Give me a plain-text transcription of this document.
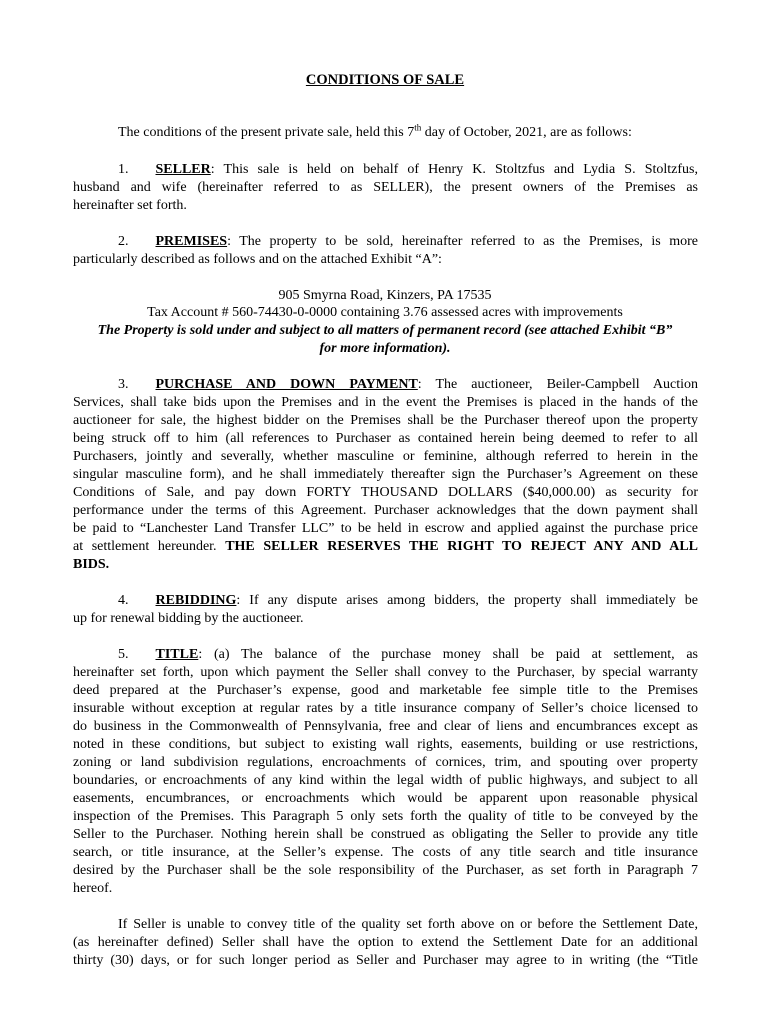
CONDITIONS OF SALE
The conditions of the present private sale, held this 7th day of October, 2021, are as follows:
1. SELLER: This sale is held on behalf of Henry K. Stoltzfus and Lydia S. Stoltzfus,
husband and wife (hereinafter referred to as SELLER), the present owners of the Premises as
hereinafter set forth.
2. PREMISES: The property to be sold, hereinafter referred to as the Premises, is more
particularly described as follows and on the attached Exhibit “A”:
905 Smyrna Road, Kinzers, PA 17535
Tax Account # 560-74430-0-0000 containing 3.76 assessed acres with improvements
The Property is sold under and subject to all matters of permanent record (see attached Exhibit “B”
for more information).
3. PURCHASE AND DOWN PAYMENT: The auctioneer, Beiler-Campbell Auction
Services, shall take bids upon the Premises and in the event the Premises is placed in the hands of the
auctioneer for sale, the highest bidder on the Premises shall be the Purchaser thereof upon the property
being struck off to him (all references to Purchaser as contained herein being deemed to refer to all
Purchasers, jointly and severally, whether masculine or feminine, although referred to herein in the
singular masculine form), and he shall immediately thereafter sign the Purchaser’s Agreement on these
Conditions of Sale, and pay down FORTY THOUSAND DOLLARS ($40,000.00) as security for
performance under the terms of this Agreement. Purchaser acknowledges that the down payment shall
be paid to “Lanchester Land Transfer LLC” to be held in escrow and applied against the purchase price
at settlement hereunder. THE SELLER RESERVES THE RIGHT TO REJECT ANY AND ALL
BIDS.
4. REBIDDING: If any dispute arises among bidders, the property shall immediately be
up for renewal bidding by the auctioneer.
5. TITLE: (a) The balance of the purchase money shall be paid at settlement, as
hereinafter set forth, upon which payment the Seller shall convey to the Purchaser, by special warranty
deed prepared at the Purchaser’s expense, good and marketable fee simple title to the Premises
insurable without exception at regular rates by a title insurance company of Seller’s choice licensed to
do business in the Commonwealth of Pennsylvania, free and clear of liens and encumbrances except as
noted in these conditions, but subject to existing wall rights, easements, building or use restrictions,
zoning or land subdivision regulations, encroachments of cornices, trim, and spouting over property
boundaries, or encroachments of any kind within the legal width of public highways, and subject to all
easements, encumbrances, or encroachments which would be apparent upon reasonable physical
inspection of the Premises. This Paragraph 5 only sets forth the quality of title to be conveyed by the
Seller to the Purchaser. Nothing herein shall be construed as obligating the Seller to provide any title
search, or title insurance, at the Seller’s expense. The costs of any title search and title insurance
desired by the Purchaser shall be the sole responsibility of the Purchaser, as set forth in Paragraph 7
hereof.
If Seller is unable to convey title of the quality set forth above on or before the Settlement Date,
(as hereinafter defined) Seller shall have the option to extend the Settlement Date for an additional
thirty (30) days, or for such longer period as Seller and Purchaser may agree to in writing (the “Title
